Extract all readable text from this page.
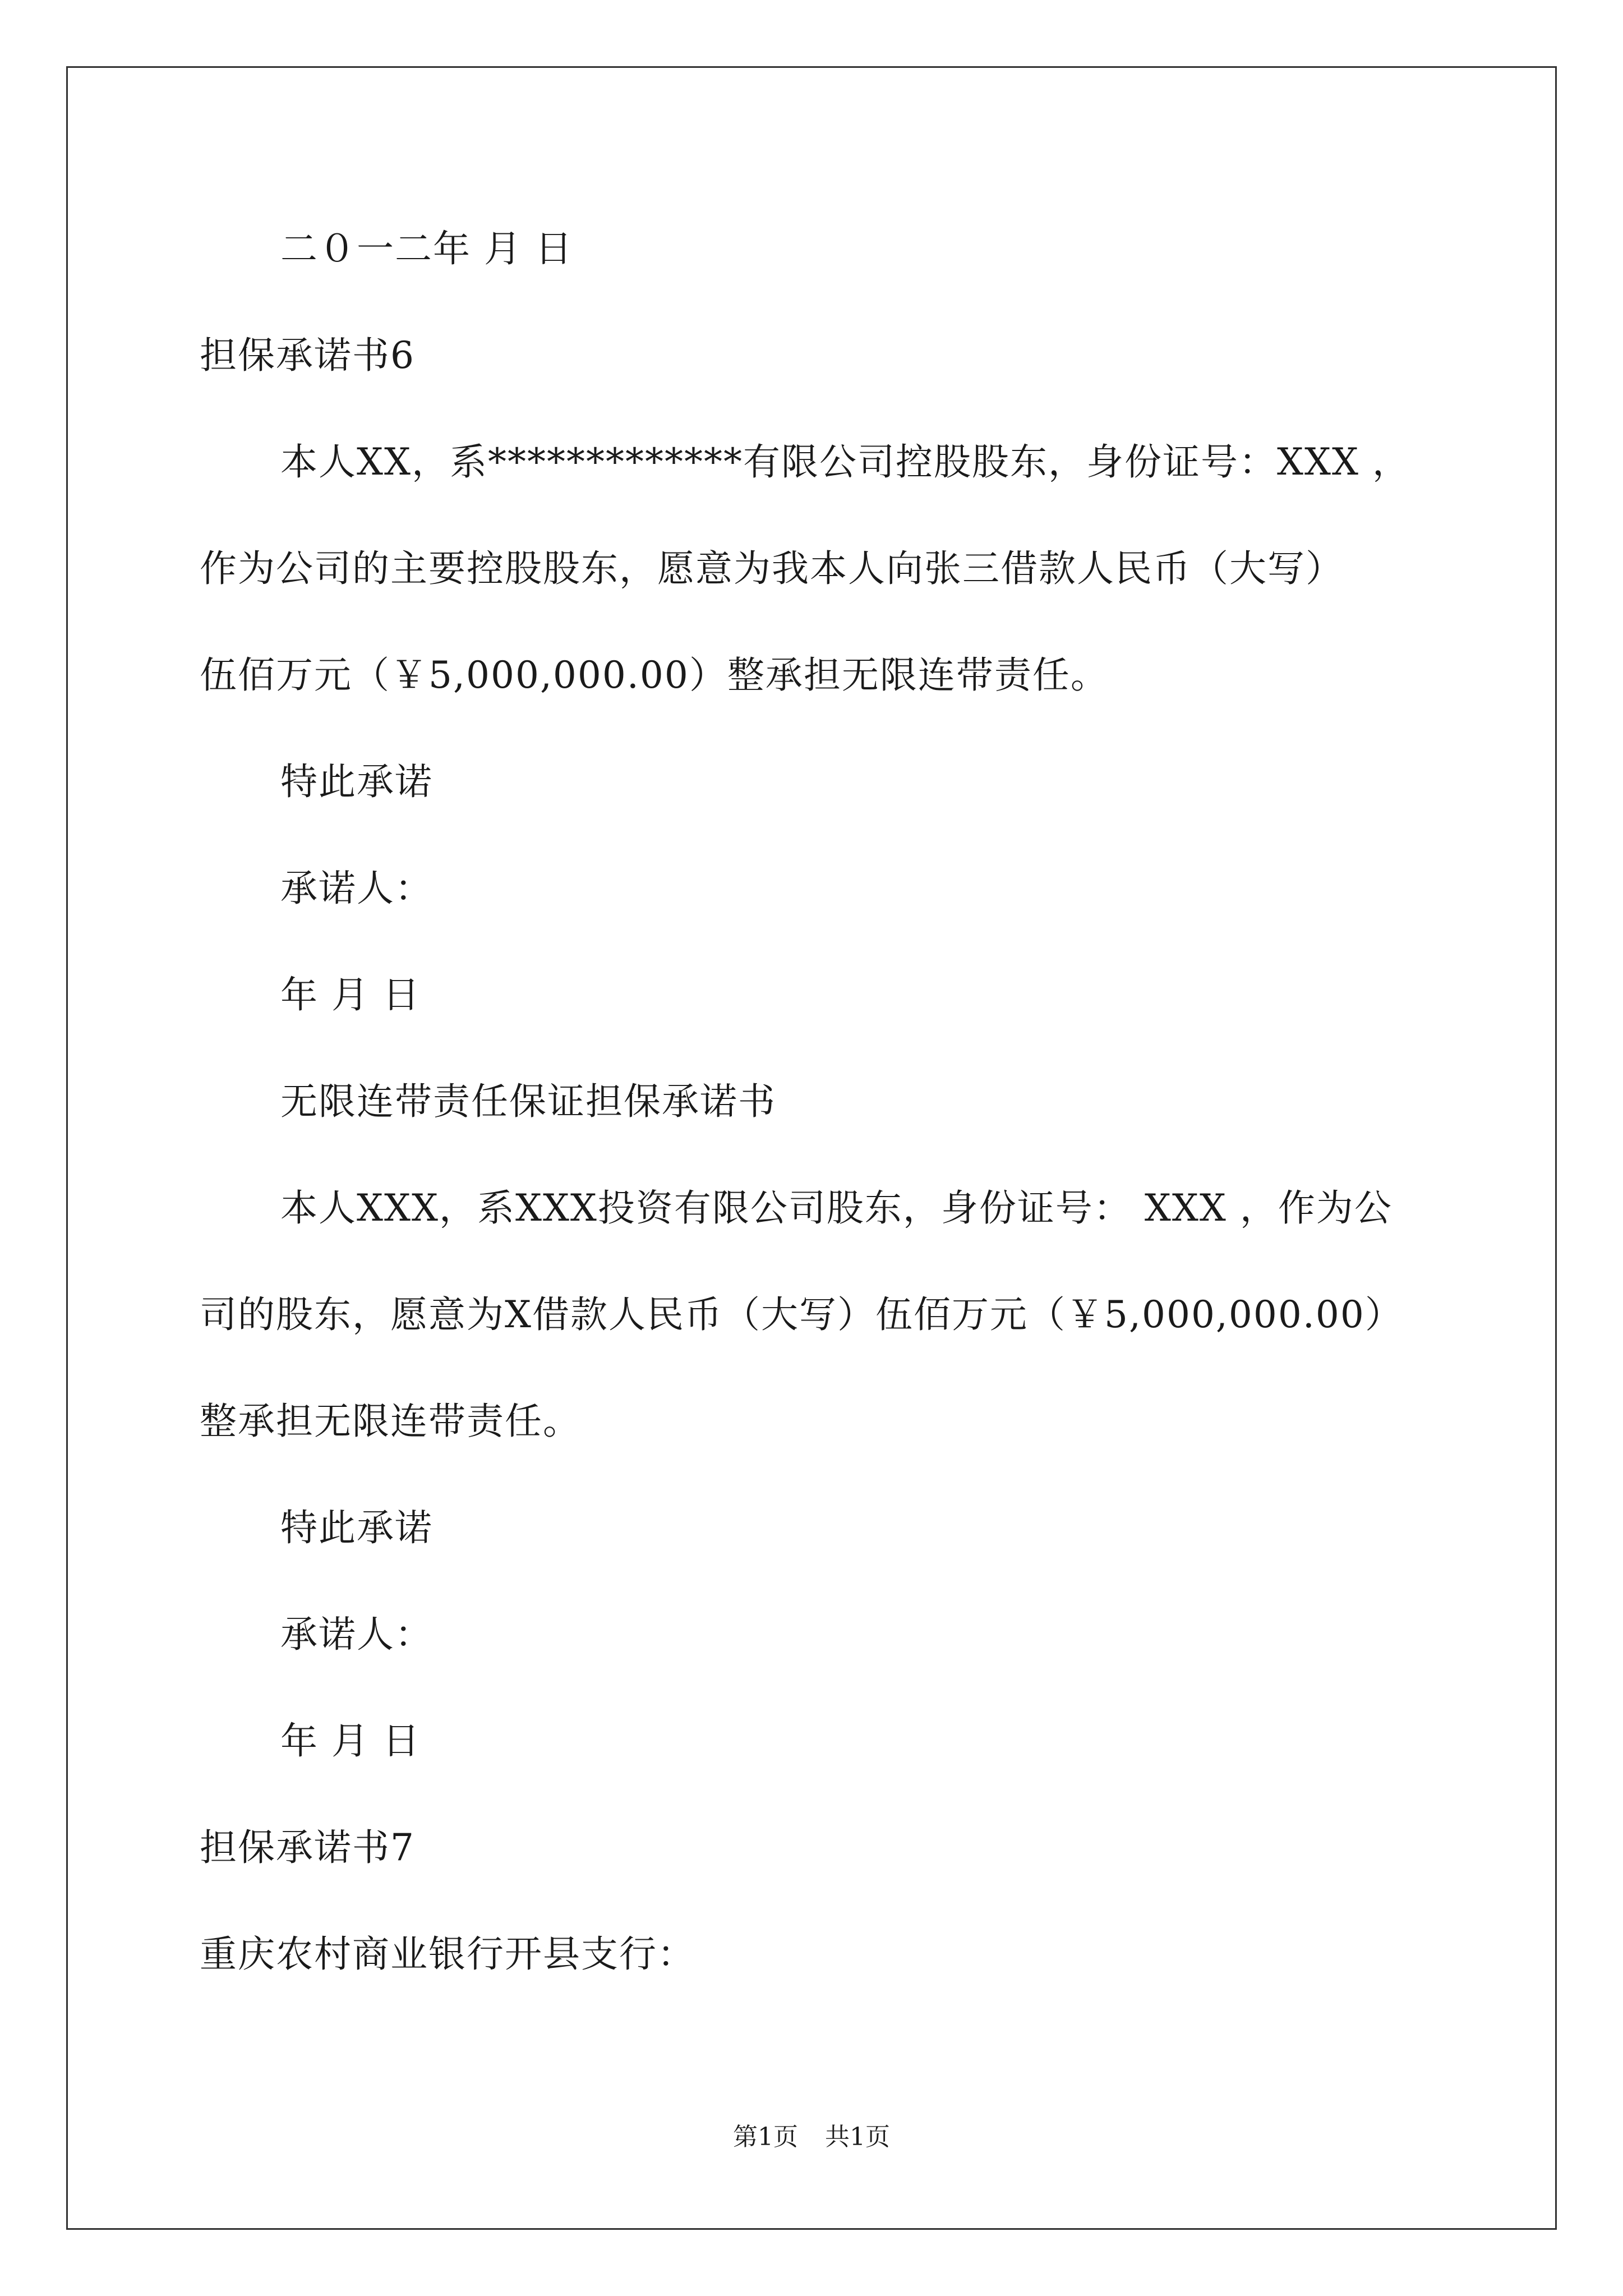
二０一二年 月 日
担保承诺书6
本人XX，系*************有限公司控股股东，身份证号：XXX ，
作为公司的主要控股股东，愿意为我本人向张三借款人民币（大写）
伍佰万元（￥5,000,000.00）整承担无限连带责任。
特此承诺
承诺人：
年 月 日
无限连带责任保证担保承诺书
本人XXX，系XXX投资有限公司股东，身份证号： XXX ，作为公
司的股东，愿意为X借款人民币（大写）伍佰万元（￥5,000,000.00）
整承担无限连带责任。
特此承诺
承诺人：
年 月 日
担保承诺书7
重庆农村商业银行开县支行：
第1页 共1页
